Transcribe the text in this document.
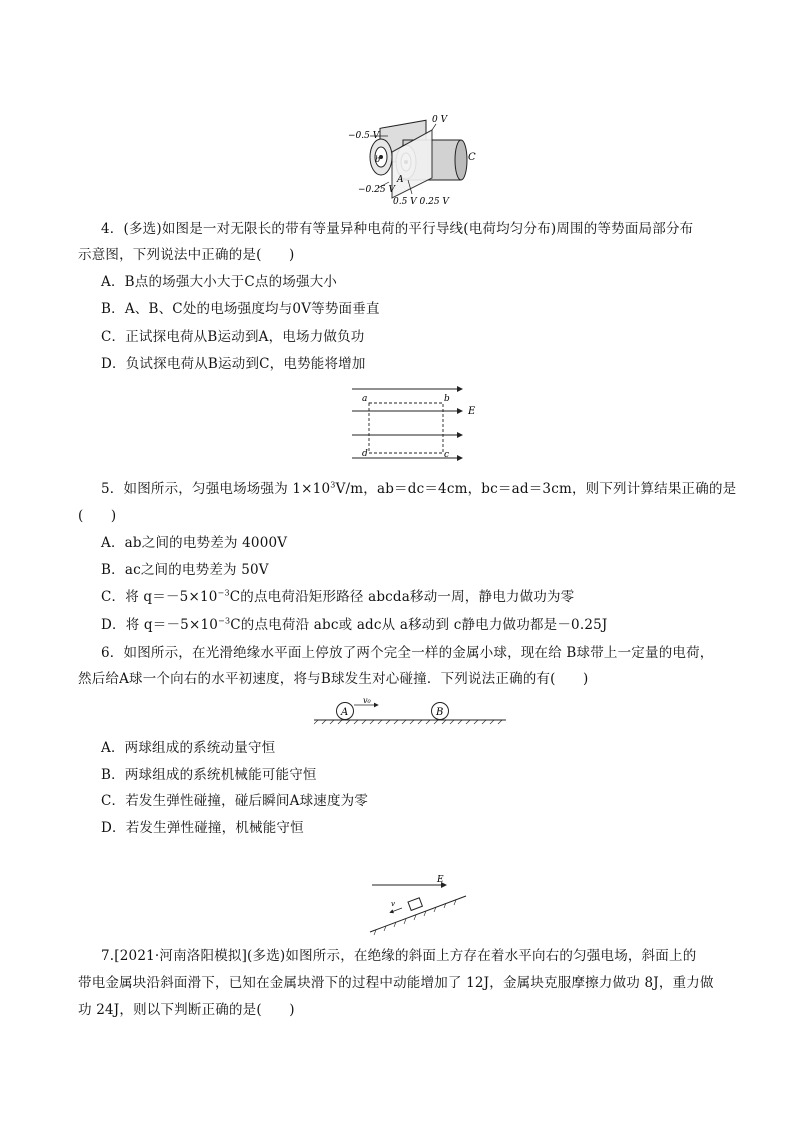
0 V
−0.5 V
C
b
A
−0.25 V
0.5 V 0.25 V
4．(多选)如图是一对无限长的带有等量异种电荷的平行导线(电荷均匀分布)周围的等势面局部分布
示意图，下列说法中正确的是(　　)
A．B点的场强大小大于C点的场强大小
B．A、B、C处的电场强度均与0V等势面垂直
C．正试探电荷从B运动到A，电场力做负功
D．负试探电荷从B运动到C，电势能将增加
a	b
d	c
E
5．如图所示，匀强电场场强为 $1\times 10^3V/m$，ab＝dc＝4cm，bc＝ad＝3cm，则下列计算结果正确的是
(　　)
A．ab之间的电势差为 4000V
B．ac之间的电势差为 50V
C．将 $q=-5\times 10^{-3}C$的点电荷沿矩形路径 abcda移动一周，静电力做功为零
D．将 $q=-5\times 10^{-3}C$的点电荷沿 abc或 adc从 a移动到 c静电力做功都是－0.25J
6．如图所示，在光滑绝缘水平面上停放了两个完全一样的金属小球，现在给 B球带上一定量的电荷，
然后给A球一个向右的水平初速度，将与B球发生对心碰撞．下列说法正确的有(　　)
A	B
v₀
A．两球组成的系统动量守恒
B．两球组成的系统机械能可能守恒
C．若发生弹性碰撞，碰后瞬间A球速度为零
D．若发生弹性碰撞，机械能守恒
E
v
7.[2021·河南洛阳模拟](多选)如图所示，在绝缘的斜面上方存在着水平向右的匀强电场，斜面上的
带电金属块沿斜面滑下，已知在金属块滑下的过程中动能增加了 12J，金属块克服摩擦力做功 8J，重力做
功 24J，则以下判断正确的是(　　)
